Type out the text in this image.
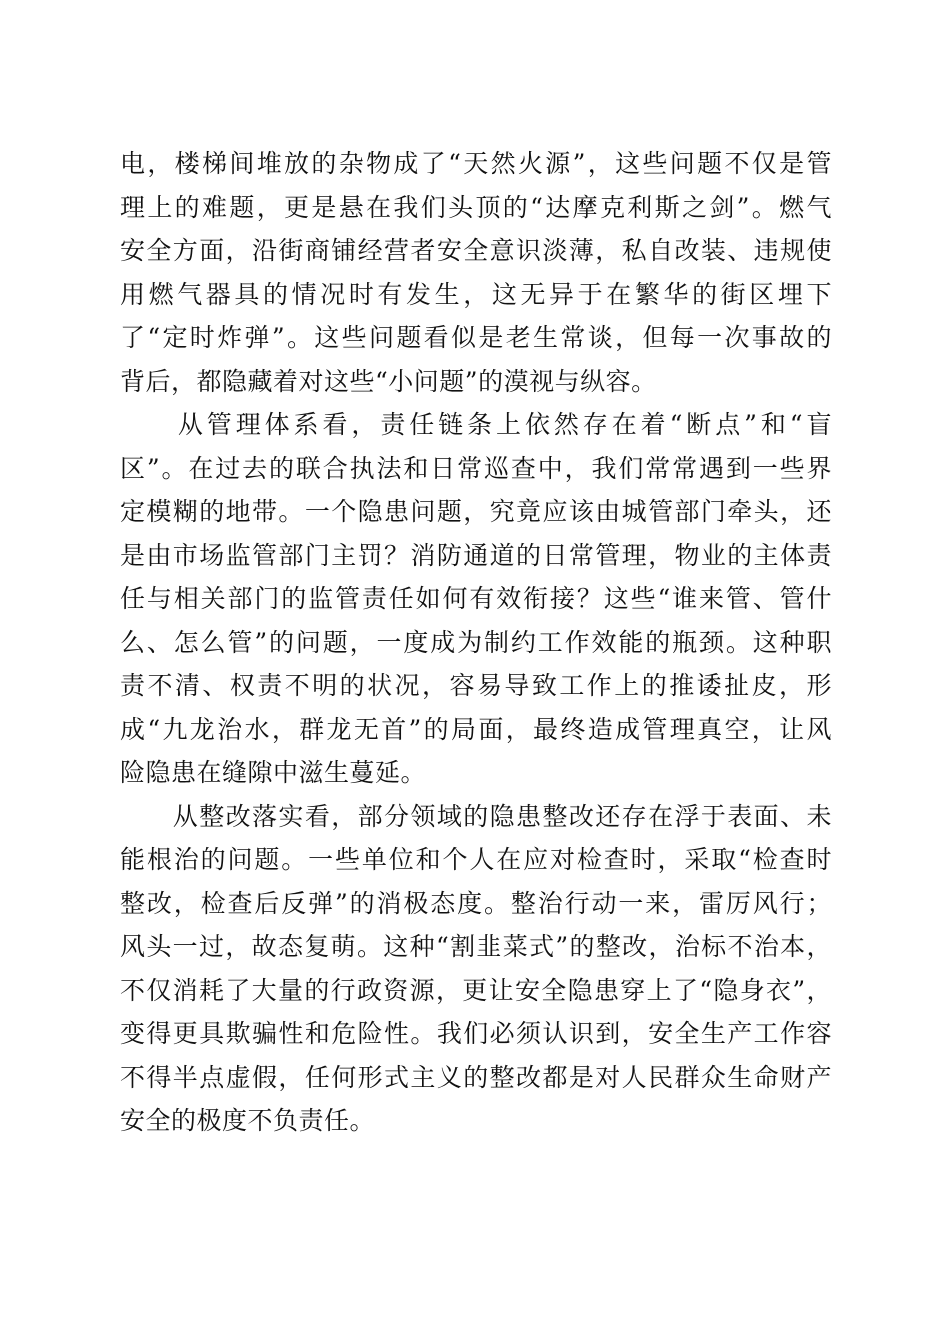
电，楼梯间堆放的杂物成了“天然火源”，这些问题不仅是管
理上的难题，更是悬在我们头顶的“达摩克利斯之剑”。燃气
安全方面，沿街商铺经营者安全意识淡薄，私自改装、违规使
用燃气器具的情况时有发生，这无异于在繁华的街区埋下
了“定时炸弹”。这些问题看似是老生常谈，但每一次事故的
背后，都隐藏着对这些“小问题”的漠视与纵容。
　　从管理体系看，责任链条上依然存在着“断点”和“盲
区”。在过去的联合执法和日常巡查中，我们常常遇到一些界
定模糊的地带。一个隐患问题，究竟应该由城管部门牵头，还
是由市场监管部门主罚？消防通道的日常管理，物业的主体责
任与相关部门的监管责任如何有效衔接？这些“谁来管、管什
么、怎么管”的问题，一度成为制约工作效能的瓶颈。这种职
责不清、权责不明的状况，容易导致工作上的推诿扯皮，形
成“九龙治水，群龙无首”的局面，最终造成管理真空，让风
险隐患在缝隙中滋生蔓延。
　　从整改落实看，部分领域的隐患整改还存在浮于表面、未
能根治的问题。一些单位和个人在应对检查时，采取“检查时
整改，检查后反弹”的消极态度。整治行动一来，雷厉风行；
风头一过，故态复萌。这种“割韭菜式”的整改，治标不治本，
不仅消耗了大量的行政资源，更让安全隐患穿上了“隐身衣”，
变得更具欺骗性和危险性。我们必须认识到，安全生产工作容
不得半点虚假，任何形式主义的整改都是对人民群众生命财产
安全的极度不负责任。
